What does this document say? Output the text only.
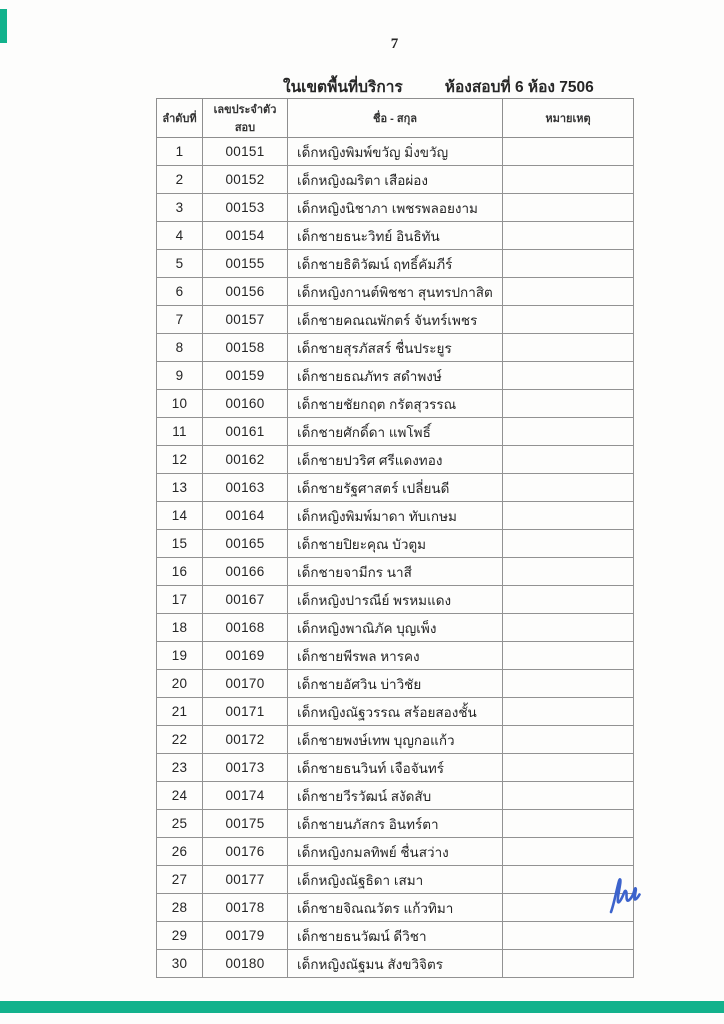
7
ในเขตพื้นที่บริการ	ห้องสอบที่ 6 ห้อง 7506
ลำดับที่	เลขประจำตัวสอบ	ชื่อ - สกุล	หมายเหตุ
1	00151	เด็กหญิงพิมพ์ขวัญ มิ่งขวัญ	
2	00152	เด็กหญิงฌริตา เสือผ่อง	
3	00153	เด็กหญิงนิชาภา เพชรพลอยงาม	
4	00154	เด็กชายธนะวิทย์ อินธิทัน	
5	00155	เด็กชายธิติวัฒน์ ฤทธิ์คัมภีร์	
6	00156	เด็กหญิงกานต์พิชชา สุนทรปกาสิต	
7	00157	เด็กชายคณณพักตร์ จันทร์เพชร	
8	00158	เด็กชายสุรภัสสร์ ชื่นประยูร	
9	00159	เด็กชายธณภัทร สดำพงษ์	
10	00160	เด็กชายชัยกฤต กรัตสุวรรณ	
11	00161	เด็กชายศักดิ์ดา แพโพธิ์	
12	00162	เด็กชายปวริศ ศรีแดงทอง	
13	00163	เด็กชายรัฐศาสตร์ เปลี่ยนดี	
14	00164	เด็กหญิงพิมพ์มาดา ทับเกษม	
15	00165	เด็กชายปิยะคุณ บัวตูม	
16	00166	เด็กชายจามีกร นาสี	
17	00167	เด็กหญิงปารณีย์ พรหมแดง	
18	00168	เด็กหญิงพาณิภัค บุญเพ็ง	
19	00169	เด็กชายพีรพล หารคง	
20	00170	เด็กชายอัศวิน บ่าวิชัย	
21	00171	เด็กหญิงณัฐวรรณ สร้อยสองชั้น	
22	00172	เด็กชายพงษ์เทพ บุญกอแก้ว	
23	00173	เด็กชายธนวินท์ เจือจันทร์	
24	00174	เด็กชายวีรวัฒน์ สงัดสับ	
25	00175	เด็กชายนภัสกร อินทร์ตา	
26	00176	เด็กหญิงกมลทิพย์ ชื่นสว่าง	
27	00177	เด็กหญิงณัฐธิดา เสมา	
28	00178	เด็กชายจิณณวัตร แก้วทิมา	
29	00179	เด็กชายธนวัฒน์ ดีวิชา	
30	00180	เด็กหญิงณัฐมน สังขวิจิตร	
